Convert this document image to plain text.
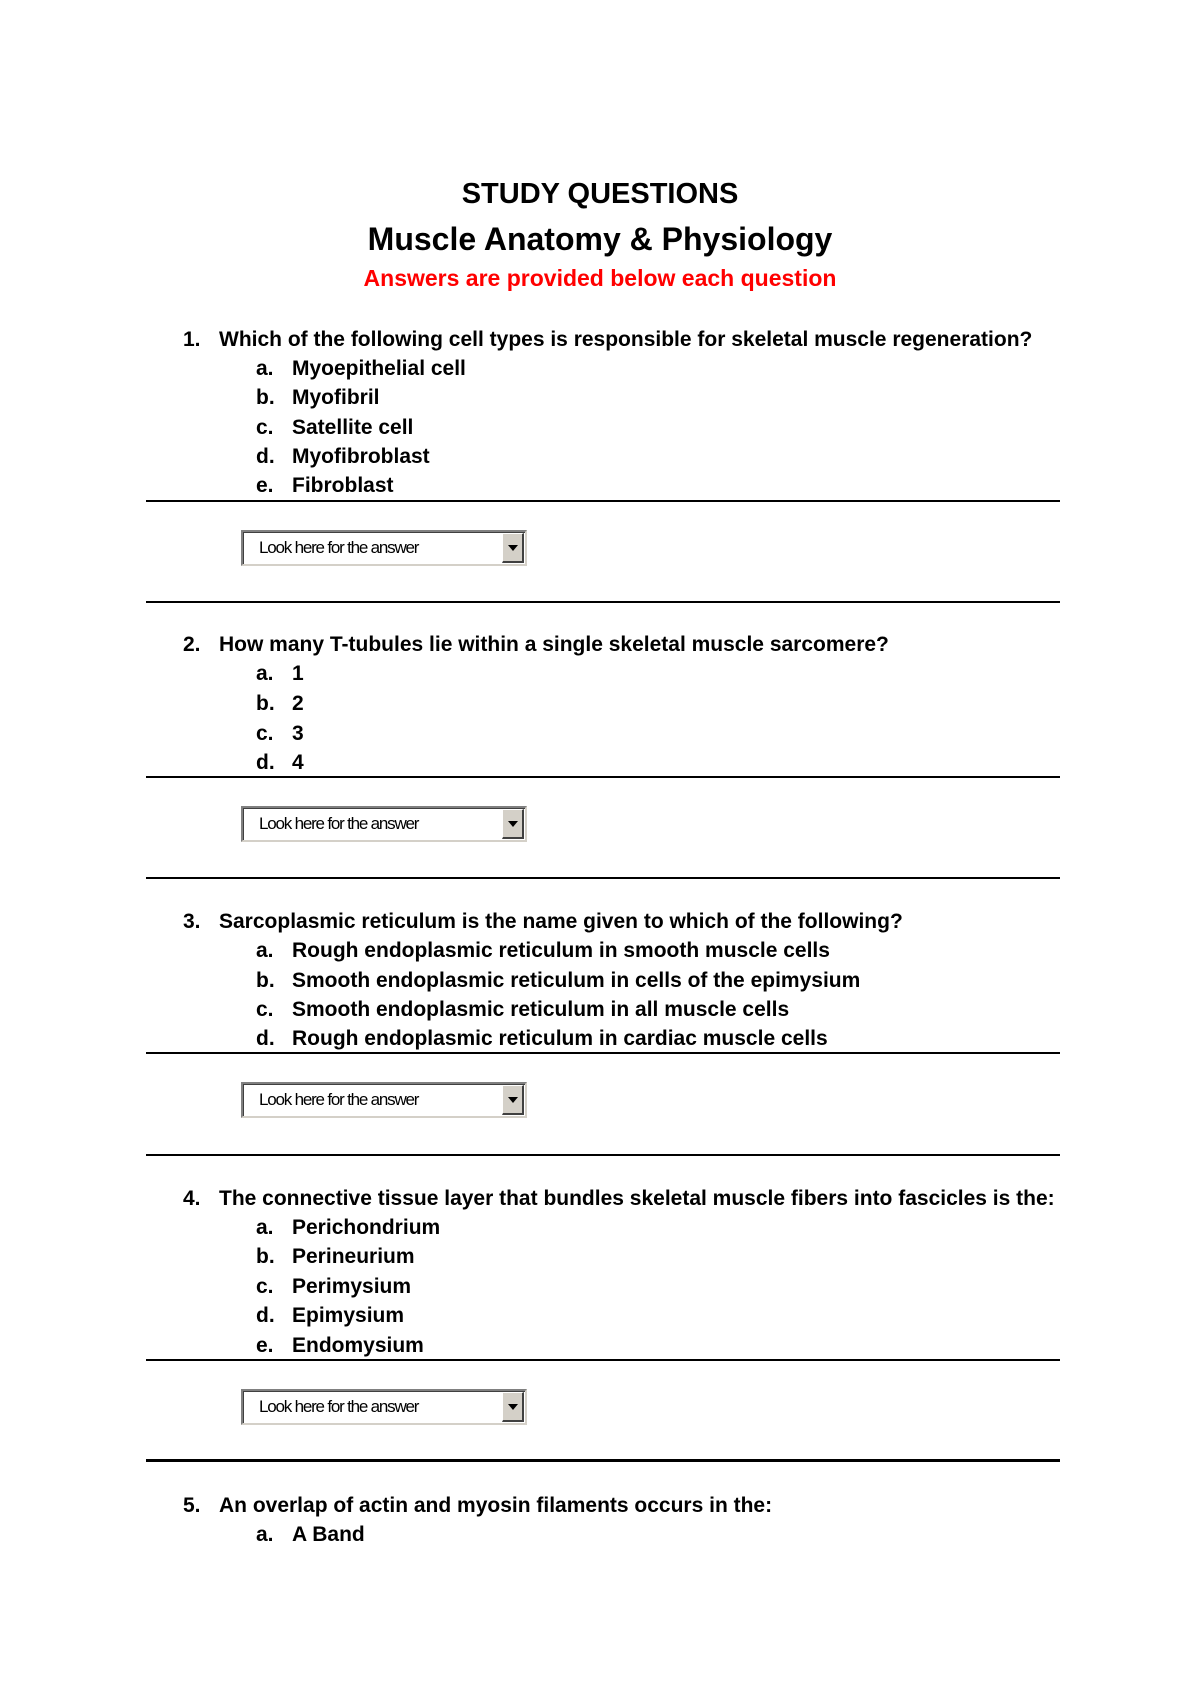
STUDY QUESTIONS
Muscle Anatomy & Physiology
Answers are provided below each question
1. Which of the following cell types is responsible for skeletal muscle regeneration?
a. Myoepithelial cell
b. Myofibril
c. Satellite cell
d. Myofibroblast
e. Fibroblast
Look here for the answer
2. How many T-tubules lie within a single skeletal muscle sarcomere?
a. 1
b. 2
c. 3
d. 4
Look here for the answer
3. Sarcoplasmic reticulum is the name given to which of the following?
a. Rough endoplasmic reticulum in smooth muscle cells
b. Smooth endoplasmic reticulum in cells of the epimysium
c. Smooth endoplasmic reticulum in all muscle cells
d. Rough endoplasmic reticulum in cardiac muscle cells
Look here for the answer
4. The connective tissue layer that bundles skeletal muscle fibers into fascicles is the:
a. Perichondrium
b. Perineurium
c. Perimysium
d. Epimysium
e. Endomysium
Look here for the answer
5. An overlap of actin and myosin filaments occurs in the:
a. A Band
